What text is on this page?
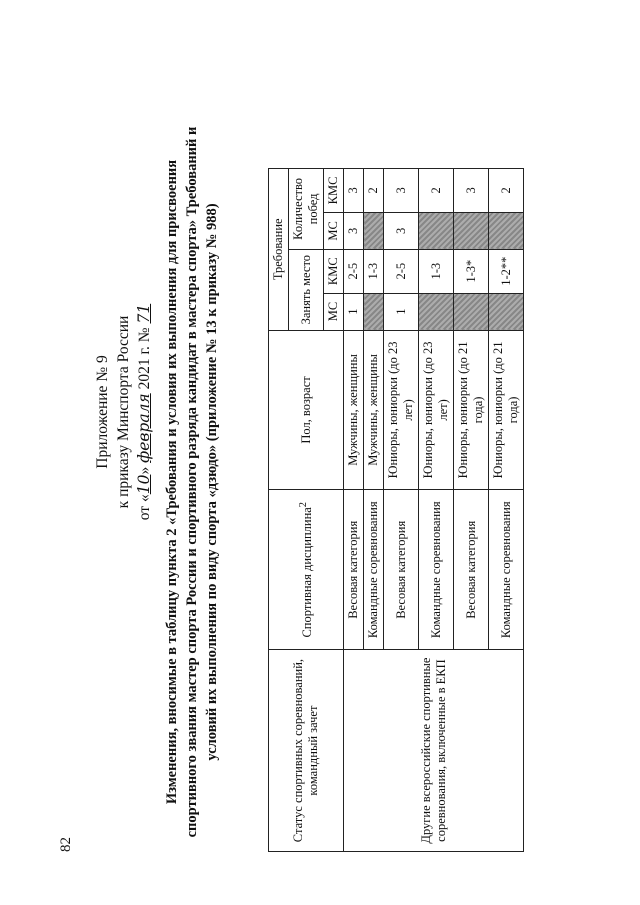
82
Приложение № 9 к приказу Минспорта России от «10» февраля 2021 г. № 71 Изменения, вносимые в таблицу пункта 2 «Требования и условия их выполнения для присвоения спортивного звания мастер спорта России и спортивного разряда кандидат в мастера спорта» Требований и условий их выполнения по виду спорта «дзюдо» (приложение № 13 к приказу № 988)	Статус спортивных соревнований, командный зачет	Спортивная дисциплина$^2$	Пол, возраст	Требование			
			Занять место		Количество побед	
			МС	КМС	МС	КМС
Другие всероссийские спортивные соревнования, включенные в ЕКП	Весовая категория	Мужчины, женщины	1	2-5	3	3
	Командные соревнования	Мужчины, женщины		1-3		2
	Весовая категория	Юниоры, юниорки (до 23 лет)	1	2-5	3	3
	Командные соревнования	Юниоры, юниорки (до 23 лет)		1-3		2
	Весовая категория	Юниоры, юниорки (до 21 года)		1-3*		3
	Командные соревнования	Юниоры, юниорки (до 21 года)		1-2**		2
